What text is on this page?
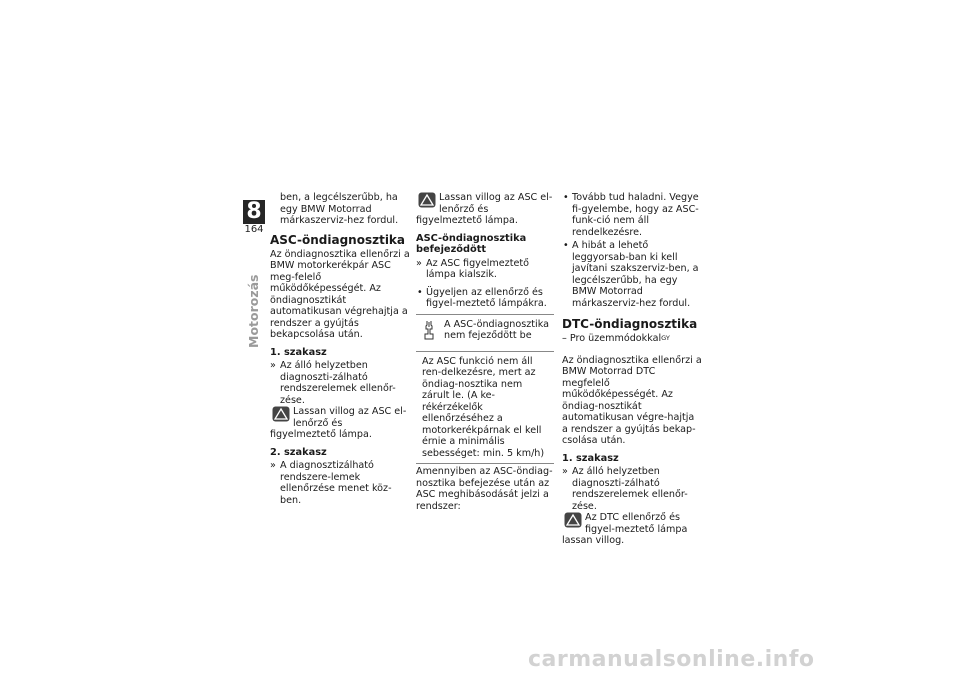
8
164
Motorozás

ben, a legcélszerűbb, ha egy BMW Motorrad márkaszerviz-hez fordul.

ASC-öndiagnosztika

Az öndiagnosztika ellenőrzi a BMW motorkerékpár ASC meg-felelő működőképességét. Az öndiagnosztikát automatikusan végrehajtja a rendszer a gyújtás bekapcsolása után.

1. szakasz

» Az álló helyzetben diagnoszti-zálható rendszerelemek ellenőr-zése.

Lassan villog az ASC el-lenőrző és figyelmeztető lámpa.
2. szakasz

» A diagnosztizálható rendszere-lemek ellenőrzése menet köz-ben.

Lassan villog az ASC el-lenőrző és figyelmeztető lámpa.
ASC-öndiagnosztika befejeződött

» Az ASC figyelmeztető lámpa kialszik.

• Ügyeljen az ellenőrző és figyel-meztető lámpákra.

A ASC-öndiagnosztika nem fejeződött be
Az ASC funkció nem áll ren-delkezésre, mert az öndiag-nosztika nem zárult le. (A ke-rékérzékelők ellenőrzéséhez a motorkerékpárnak el kell érnie a minimális sebességet: min. 5 km/h)

Amennyiben az ASC-öndiag-nosztika befejezése után az ASC meghibásodását jelzi a rendszer:

• Tovább tud haladni. Vegye fi-gyelembe, hogy az ASC-funk-ció nem áll rendelkezésre.

• A hibát a lehető leggyorsab-ban ki kell javítani szakszerviz-ben, a legcélszerűbb, ha egy BMW Motorrad márkaszerviz-hez fordul.

DTC-öndiagnosztika

– Pro üzemmódokkal$^{GY}$

Az öndiagnosztika ellenőrzi a BMW Motorrad DTC megfelelő működőképességét. Az öndiag-nosztikát automatikusan végre-hajtja a rendszer a gyújtás bekap-csolása után.

1. szakasz

» Az álló helyzetben diagnoszti-zálható rendszerelemek ellenőr-zése.

Az DTC ellenőrző és figyel-meztető lámpa lassan villog.
carmanualsonline.info
